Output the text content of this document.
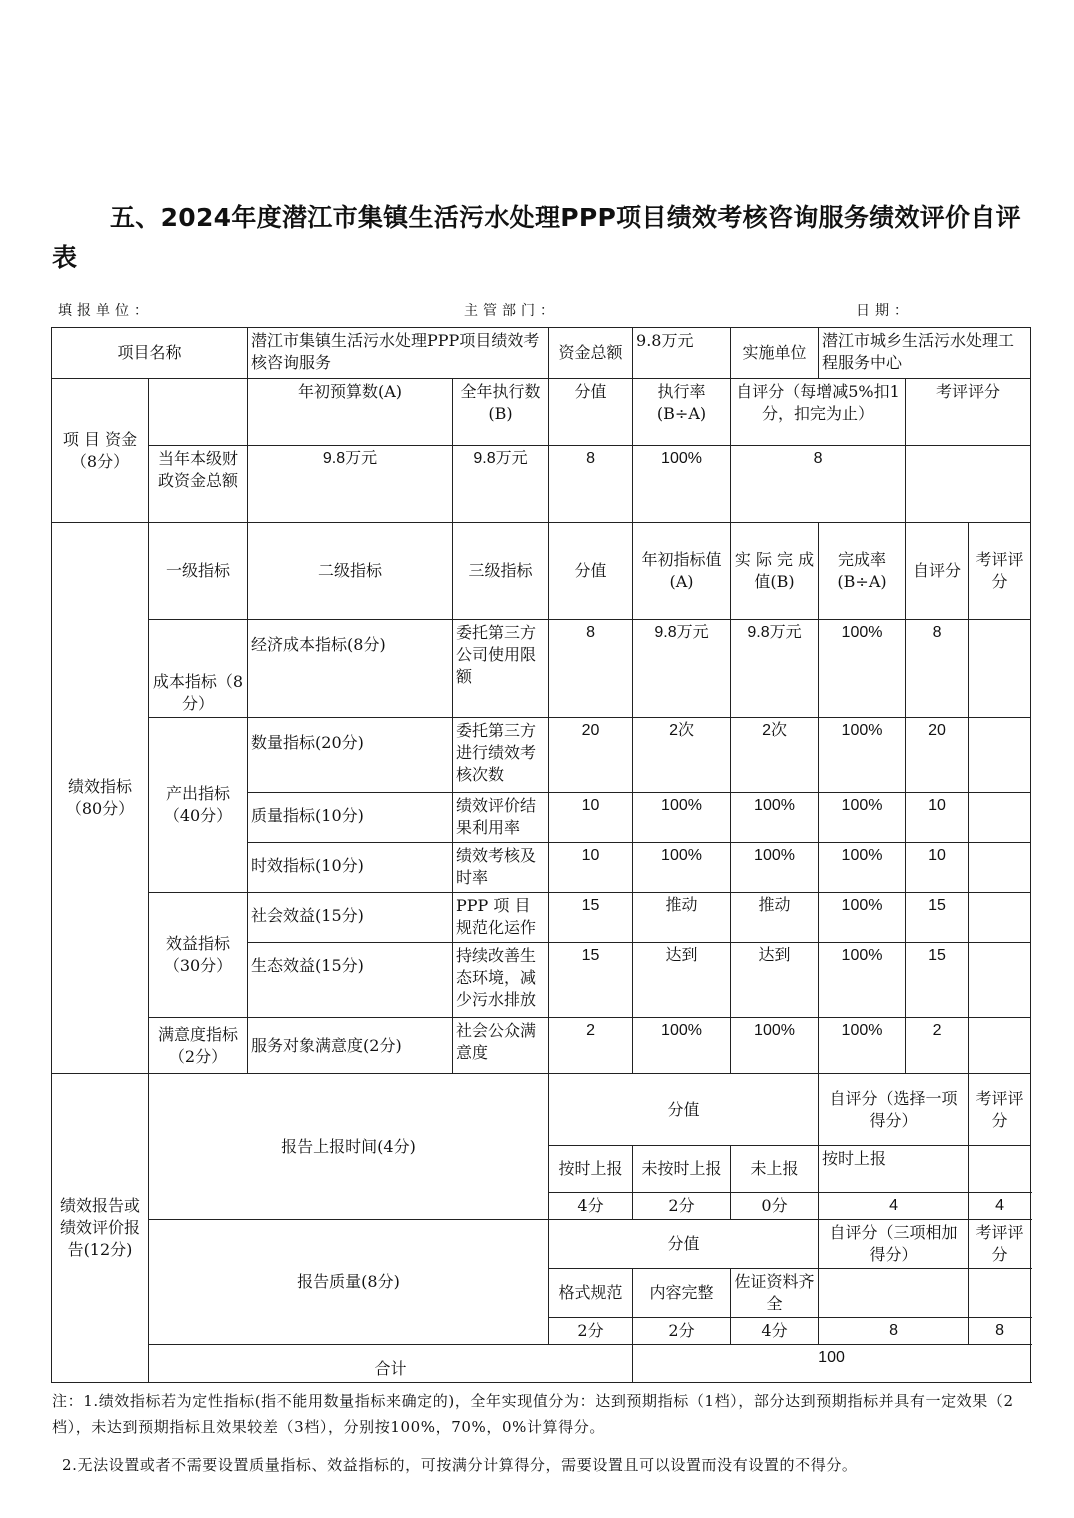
五、2024年度潜江市集镇生活污水处理PPP项目绩效考核咨询服务绩效评价自评表
填报单位：	主管部门：	日期：
项目名称		潜江市集镇生活污水处理PPP项目绩效考核咨询服务		资金总额	9.8万元	实施单位	潜江市城乡生活污水处理工程服务中心			
项 目 资金（8分）		年初预算数(A)	全年执行数(B)	分值	执行率(B÷A)	自评分（每增减5%扣1分，扣完为止）		考评评分		
	当年本级财政资金总额	9.8万元	9.8万元	8	100%	8				
绩效指标（80分）	一级指标	二级指标	三级指标	分值	年初指标值(A)	实 际 完 成 值(B)	完成率(B÷A)	自评分	考评评分	
	成本指标（8分）	经济成本指标(8分)	委托第三方公司使用限额	8	9.8万元	9.8万元	100%	8		
	产出指标（40分）	数量指标(20分)	委托第三方进行绩效考核次数	20	2次	2次	100%	20		
		质量指标(10分)	绩效评价结果利用率	10	100%	100%	100%	10		
		时效指标(10分)	绩效考核及时率	10	100%	100%	100%	10		
	效益指标（30分）	社会效益(15分)	PPP 项 目规范化运作	15	推动	推动	100%	15		
		生态效益(15分)	持续改善生态环境，减少污水排放	15	达到	达到	100%	15		
	满意度指标（2分）	服务对象满意度(2分)	社会公众满意度	2	100%	100%	100%	2		
绩效报告或绩效评价报告(12分)	报告上报时间(4分)			分值			自评分（选择一项得分）		考评评分	
				按时上报	未按时上报	未上报	按时上报			
				4分	2分	0分	4		4	
	报告质量(8分)			分值			自评分（三项相加得分）		考评评分	
				格式规范	内容完整	佐证资料齐全				
				2分	2分	4分	8		8	
	合计				100					

注：1.绩效指标若为定性指标(指不能用数量指标来确定的)，全年实现值分为：达到预期指标（1档），部分达到预期指标并具有一定效果（2档），未达到预期指标且效果较差（3档），分别按100%，70%，0%计算得分。

2.无法设置或者不需要设置质量指标、效益指标的，可按满分计算得分，需要设置且可以设置而没有设置的不得分。
